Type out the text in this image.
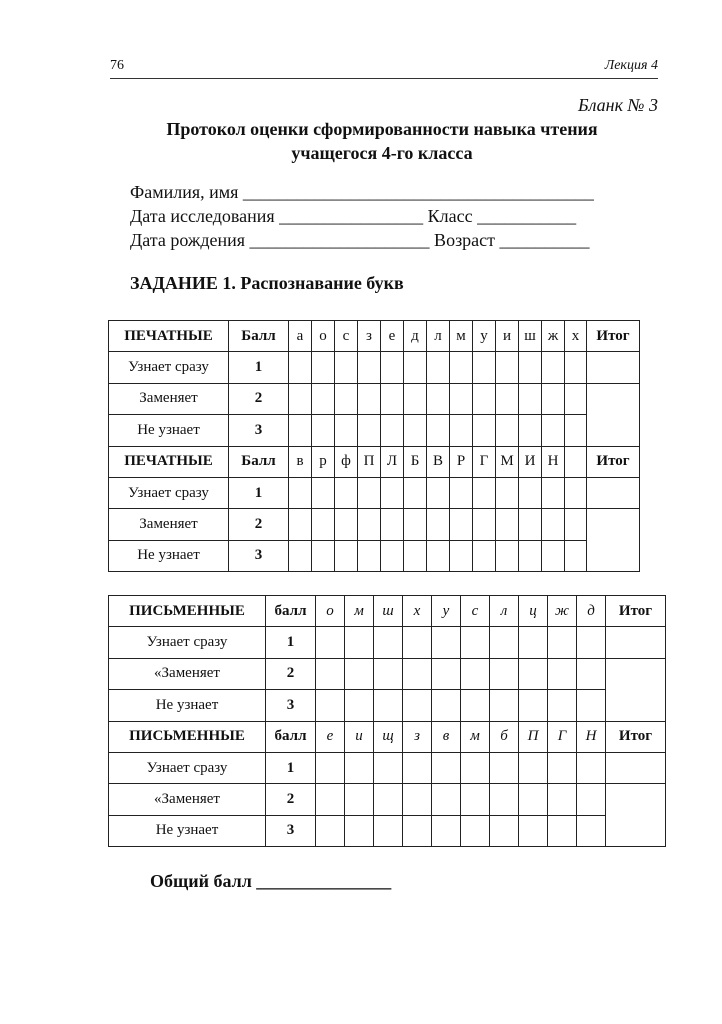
76	Лекция 4
Бланк № 3
Протокол оценки сформированности навыка чтения
учащегося 4-го класса
Фамилия, имя _______________________________________
Дата исследования ________________ Класс ___________
Дата рождения ____________________ Возраст __________
ЗАДАНИЕ 1. Распознавание букв
ПЕЧАТНЫЕ	Балл	а	о	с	з	е	д	л	м	у	и	ш	ж	х	Итог
Узнает сразу	1														
Заменяет	2														
Не узнает	3														
ПЕЧАТНЫЕ	Балл	в	р	ф	П	Л	Б	В	Р	Г	М	И	Н		Итог
Узнает сразу	1														
Заменяет	2														
Не узнает	3														
ПИСЬМЕННЫЕ	балл	о	м	ш	х	у	с	л	ц	ж	д	Итог
Узнает сразу	1											
«Заменяет	2											
Не узнает	3											
ПИСЬМЕННЫЕ	балл	е	и	щ	з	в	м	б	П	Г	Н	Итог
Узнает сразу	1											
«Заменяет	2											
Не узнает	3											
Общий балл _______________
